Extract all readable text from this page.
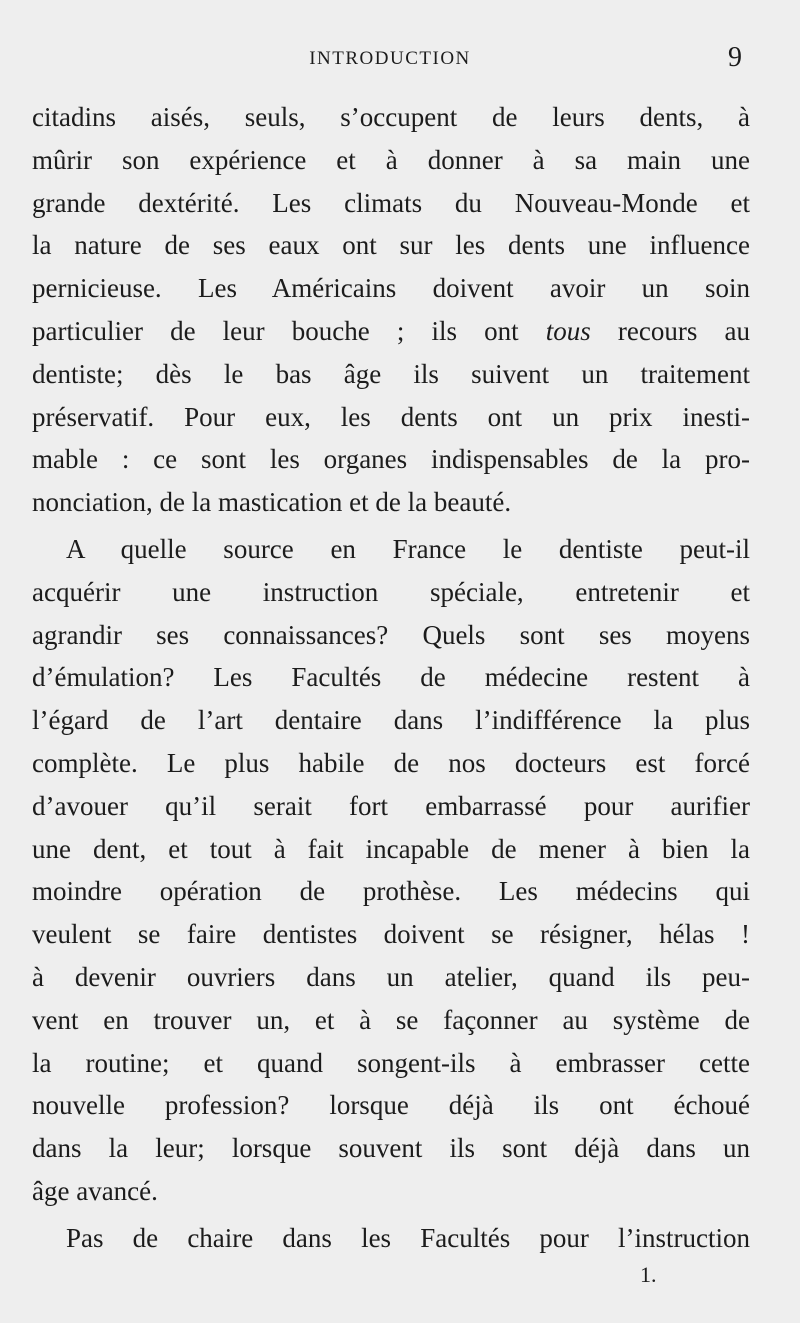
INTRODUCTION	9
citadins aisés, seuls, s’occupent de leurs dents, à
mûrir son expérience et à donner à sa main une
grande dextérité. Les climats du Nouveau-Monde et
la nature de ses eaux ont sur les dents une influence
pernicieuse. Les Américains doivent avoir un soin
particulier de leur bouche ; ils ont tous recours au
dentiste; dès le bas âge ils suivent un traitement
préservatif. Pour eux, les dents ont un prix inesti-
mable : ce sont les organes indispensables de la pro-
nonciation, de la mastication et de la beauté.
A quelle source en France le dentiste peut-il
acquérir une instruction spéciale, entretenir et
agrandir ses connaissances? Quels sont ses moyens
d’émulation? Les Facultés de médecine restent à
l’égard de l’art dentaire dans l’indifférence la plus
complète. Le plus habile de nos docteurs est forcé
d’avouer qu’il serait fort embarrassé pour aurifier
une dent, et tout à fait incapable de mener à bien la
moindre opération de prothèse. Les médecins qui
veulent se faire dentistes doivent se résigner, hélas !
à devenir ouvriers dans un atelier, quand ils peu-
vent en trouver un, et à se façonner au système de
la routine; et quand songent-ils à embrasser cette
nouvelle profession? lorsque déjà ils ont échoué
dans la leur; lorsque souvent ils sont déjà dans un
âge avancé.
Pas de chaire dans les Facultés pour l’instruction
1.
